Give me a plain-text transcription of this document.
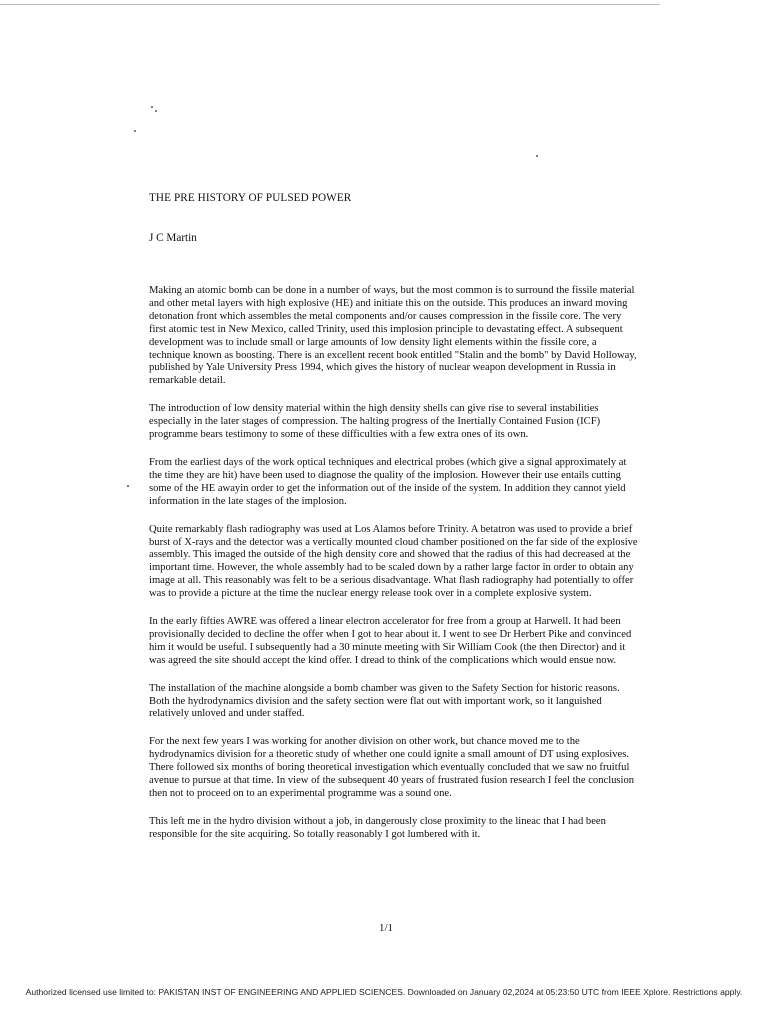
THE PRE HISTORY OF PULSED POWER
J C Martin

Making an atomic bomb can be done in a number of ways, but the most common is to surround the fissile material and other metal layers with high explosive (HE) and initiate this on the outside. This produces an inward moving detonation front which assembles the metal components and/or causes compression in the fissile core. The very first atomic test in New Mexico, called Trinity, used this implosion principle to devastating effect. A subsequent development was to include small or large amounts of low density light elements within the fissile core, a technique known as boosting. There is an excellent recent book entitled "Stalin and the bomb" by David Holloway, published by Yale University Press 1994, which gives the history of nuclear weapon development in Russia in remarkable detail.

The introduction of low density material within the high density shells can give rise to several instabilities especially in the later stages of compression. The halting progress of the Inertially Contained Fusion (ICF) programme bears testimony to some of these difficulties with a few extra ones of its own.

From the earliest days of the work optical techniques and electrical probes (which give a signal approximately at the time they are hit) have been used to diagnose the quality of the implosion. However their use entails cutting some of the HE awayin order to get the information out of the inside of the system. In addition they cannot yield information in the late stages of the implosion.

Quite remarkably flash radiography was used at Los Alamos before Trinity. A betatron was used to provide a brief burst of X-rays and the detector was a vertically mounted cloud chamber positioned on the far side of the explosive assembly. This imaged the outside of the high density core and showed that the radius of this had decreased at the important time. However, the whole assembly had to be scaled down by a rather large factor in order to obtain any image at all. This reasonably was felt to be a serious disadvantage. What flash radiography had potentially to offer was to provide a picture at the time the nuclear energy release took over in a complete explosive system.

In the early fifties AWRE was offered a linear electron accelerator for free from a group at Harwell. It had been provisionally decided to decline the offer when I got to hear about it. I went to see Dr Herbert Pike and convinced him it would be useful. I subsequently had a 30 minute meeting with Sir William Cook (the then Director) and it was agreed the site should accept the kind offer. I dread to think of the complications which would ensue now.

The installation of the machine alongside a bomb chamber was given to the Safety Section for historic reasons. Both the hydrodynamics division and the safety section were flat out with important work, so it languished relatively unloved and under staffed.

For the next few years I was working for another division on other work, but chance moved me to the hydrodynamics division for a theoretic study of whether one could ignite a small amount of DT using explosives. There followed six months of boring theoretical investigation which eventually concluded that we saw no fruitful avenue to pursue at that time. In view of the subsequent 40 years of frustrated fusion research I feel the conclusion then not to proceed on to an experimental programme was a sound one.

This left me in the hydro division without a job, in dangerously close proximity to the lineac that I had been responsible for the site acquiring. So totally reasonably I got lumbered with it.

1/1
Authorized licensed use limited to: PAKISTAN INST OF ENGINEERING AND APPLIED SCIENCES. Downloaded on January 02,2024 at 05:23:50 UTC from IEEE Xplore. Restrictions apply.
